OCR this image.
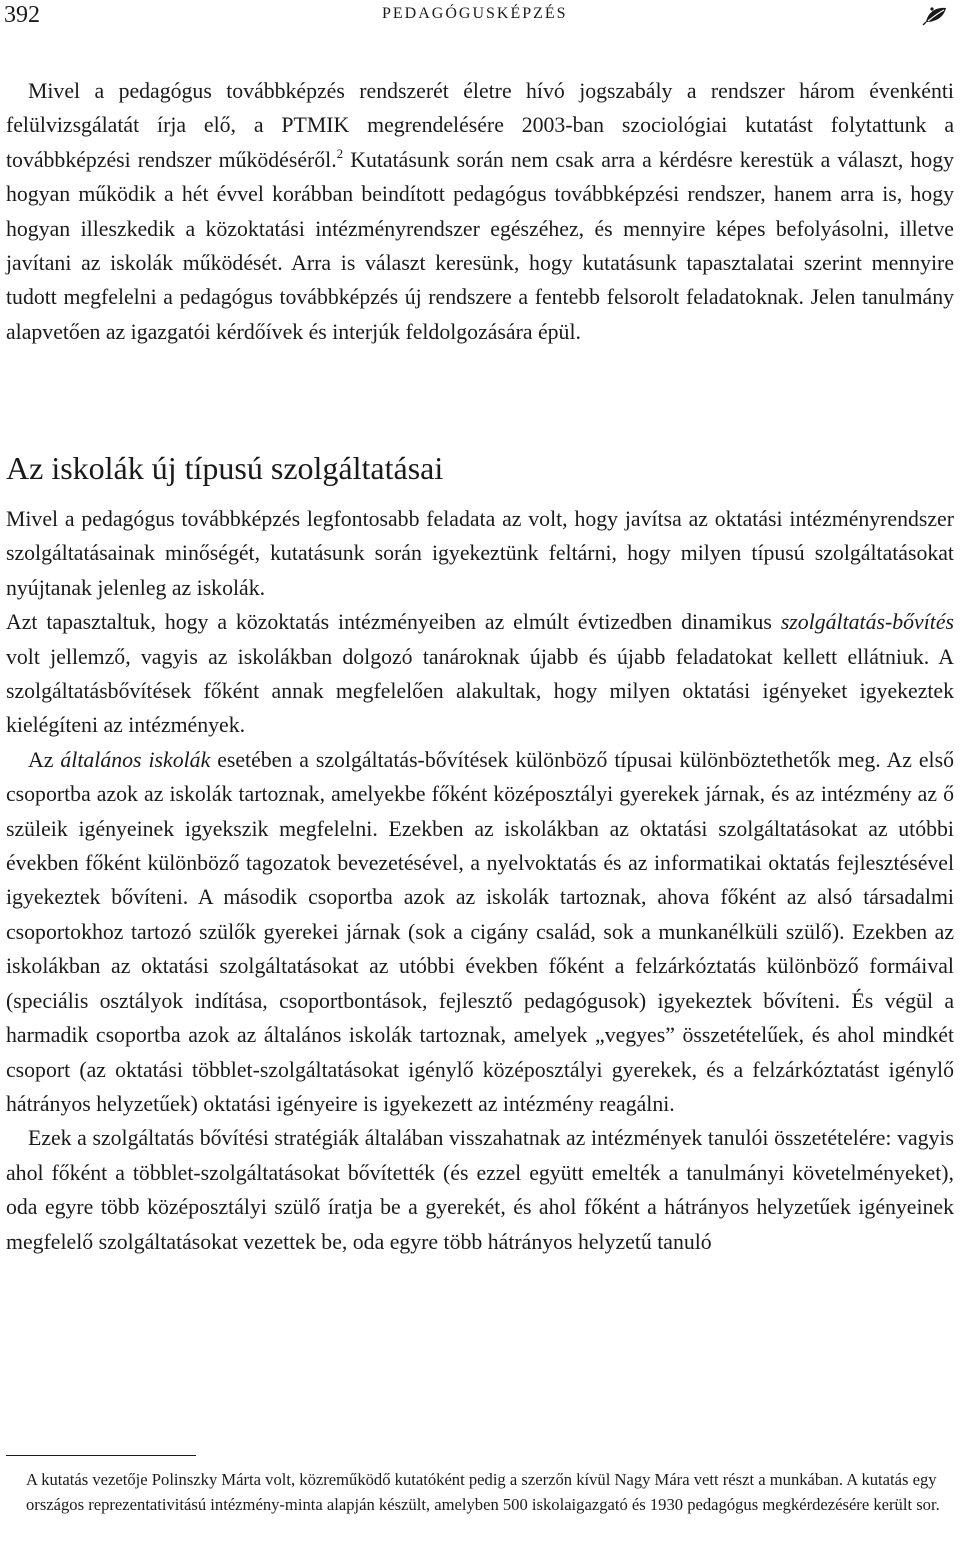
392	PEDAGÓGUSKÉPZÉS

Mivel a pedagógus továbbképzés rendszerét életre hívó jogszabály a rendszer három évenkénti felülvizsgálatát írja elő, a PTMIK megrendelésére 2003-ban szociológiai kutatást folytattunk a továbbképzési rendszer működéséről.$^2$ Kutatásunk során nem csak arra a kérdésre kerestük a választ, hogy hogyan működik a hét évvel korábban beindított pedagógus továbbképzési rendszer, hanem arra is, hogy hogyan illeszkedik a közoktatási intézményrendszer egészéhez, és mennyire képes befolyásolni, illetve javítani az iskolák működését. Arra is választ keresünk, hogy kutatásunk tapasztalatai szerint mennyire tudott megfelelni a pedagógus továbbképzés új rendszere a fentebb felsorolt feladatoknak. Jelen tanulmány alapvetően az igazgatói kérdőívek és interjúk feldolgozására épül.

Az iskolák új típusú szolgáltatásai

Mivel a pedagógus továbbképzés legfontosabb feladata az volt, hogy javítsa az oktatási intézményrendszer szolgáltatásainak minőségét, kutatásunk során igyekeztünk feltárni, hogy milyen típusú szolgáltatásokat nyújtanak jelenleg az iskolák.

Azt tapasztaltuk, hogy a közoktatás intézményeiben az elmúlt évtizedben dinamikus szolgáltatás-bővítés volt jellemző, vagyis az iskolákban dolgozó tanároknak újabb és újabb feladatokat kellett ellátniuk. A szolgáltatásbővítések főként annak megfelelően alakultak, hogy milyen oktatási igényeket igyekeztek kielégíteni az intézmények.

Az általános iskolák esetében a szolgáltatás-bővítések különböző típusai különböztethetők meg. Az első csoportba azok az iskolák tartoznak, amelyekbe főként középosztályi gyerekek járnak, és az intézmény az ő szüleik igényeinek igyekszik megfelelni. Ezekben az iskolákban az oktatási szolgáltatásokat az utóbbi években főként különböző tagozatok bevezetésével, a nyelvoktatás és az informatikai oktatás fejlesztésével igyekeztek bővíteni. A második csoportba azok az iskolák tartoznak, ahova főként az alsó társadalmi csoportokhoz tartozó szülők gyerekei járnak (sok a cigány család, sok a munkanélküli szülő). Ezekben az iskolákban az oktatási szolgáltatásokat az utóbbi években főként a felzárkóztatás különböző formáival (speciális osztályok indítása, csoportbontások, fejlesztő pedagógusok) igyekeztek bővíteni. És végül a harmadik csoportba azok az általános iskolák tartoznak, amelyek „vegyes” összetételűek, és ahol mindkét csoport (az oktatási többlet-szolgáltatásokat igénylő középosztályi gyerekek, és a felzárkóztatást igénylő hátrányos helyzetűek) oktatási igényeire is igyekezett az intézmény reagálni.

Ezek a szolgáltatás bővítési stratégiák általában visszahatnak az intézmények tanulói összetételére: vagyis ahol főként a többlet-szolgáltatásokat bővítették (és ezzel együtt emelték a tanulmányi követelményeket), oda egyre több középosztályi szülő íratja be a gyerekét, és ahol főként a hátrányos helyzetűek igényeinek megfelelő szolgáltatásokat vezettek be, oda egyre több hátrányos helyzetű tanuló

A kutatás vezetője Polinszky Márta volt, közreműködő kutatóként pedig a szerzőn kívül Nagy Mára vett részt a munkában. A kutatás egy országos reprezentativitású intézmény-minta alapján készült, amelyben 500 iskolaigazgató és 1930 pedagógus megkérdezésére került sor.
